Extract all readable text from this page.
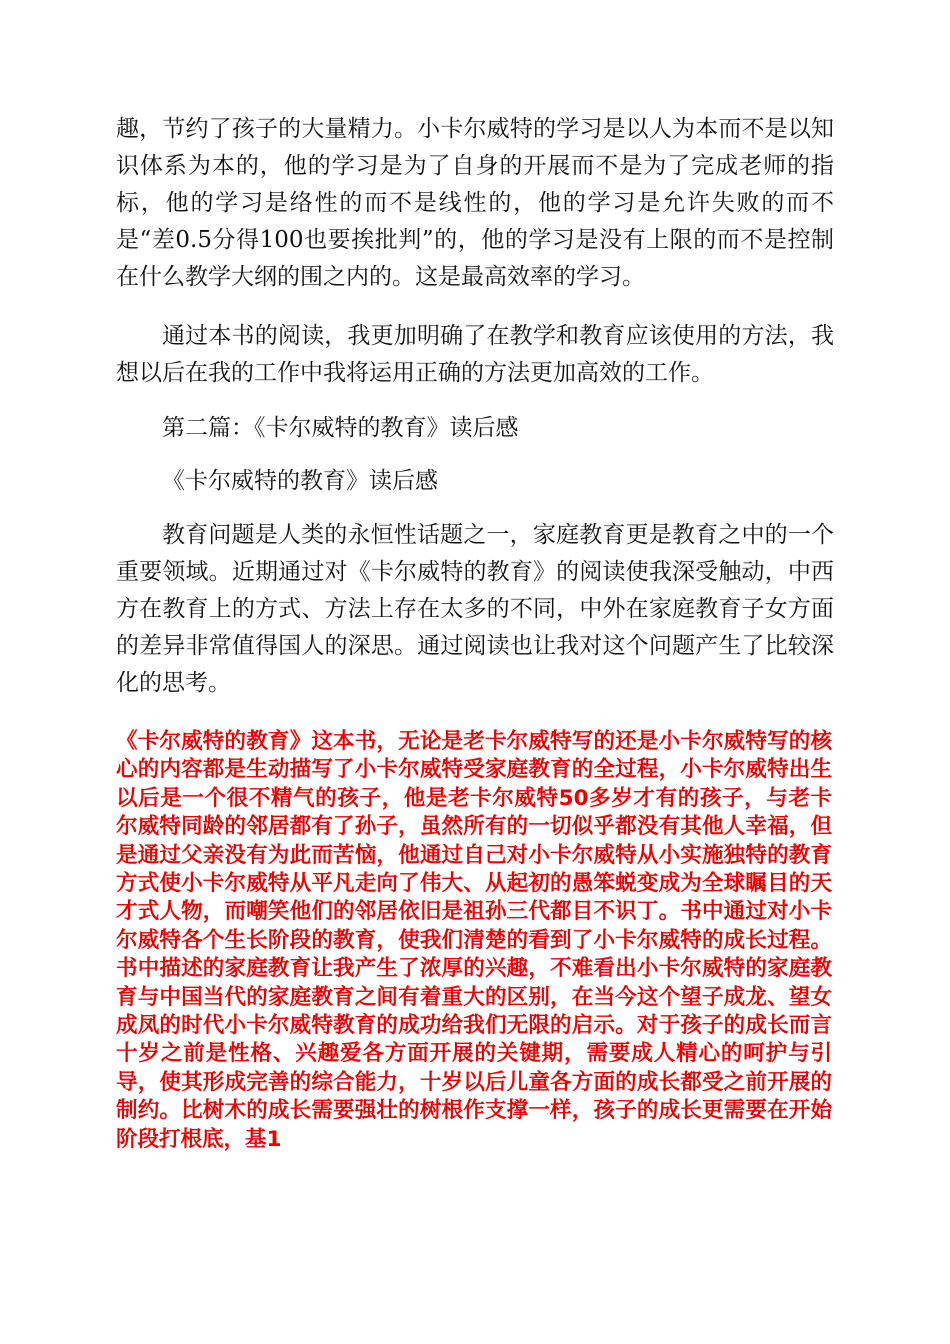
趣，节约了孩子的大量精力。小卡尔威特的学习是以人为本而不是以知识体系为本的，他的学习是为了自身的开展而不是为了完成老师的指标，他的学习是络性的而不是线性的，他的学习是允许失败的而不是“差0.5分得100也要挨批判”的，他的学习是没有上限的而不是控制在什么教学大纲的围之内的。这是最高效率的学习。

通过本书的阅读，我更加明确了在教学和教育应该使用的方法，我想以后在我的工作中我将运用正确的方法更加高效的工作。

第二篇：《卡尔威特的教育》读后感

《卡尔威特的教育》读后感

教育问题是人类的永恒性话题之一，家庭教育更是教育之中的一个重要领域。近期通过对《卡尔威特的教育》的阅读使我深受触动，中西方在教育上的方式、方法上存在太多的不同，中外在家庭教育子女方面的差异非常值得国人的深思。通过阅读也让我对这个问题产生了比较深化的思考。

《卡尔威特的教育》这本书，无论是老卡尔威特写的还是小卡尔威特写的核心的内容都是生动描写了小卡尔威特受家庭教育的全过程，小卡尔威特出生以后是一个很不精气的孩子，他是老卡尔威特50多岁才有的孩子，与老卡尔威特同龄的邻居都有了孙子，虽然所有的一切似乎都没有其他人幸福，但是通过父亲没有为此而苦恼，他通过自己对小卡尔威特从小实施独特的教育方式使小卡尔威特从平凡走向了伟大、从起初的愚笨蜕变成为全球瞩目的天才式人物，而嘲笑他们的邻居依旧是祖孙三代都目不识丁。书中通过对小卡尔威特各个生长阶段的教育，使我们清楚的看到了小卡尔威特的成长过程。书中描述的家庭教育让我产生了浓厚的兴趣，不难看出小卡尔威特的家庭教育与中国当代的家庭教育之间有着重大的区别，在当今这个望子成龙、望女成凤的时代小卡尔威特教育的成功给我们无限的启示。对于孩子的成长而言十岁之前是性格、兴趣爱各方面开展的关键期，需要成人精心的呵护与引导，使其形成完善的综合能力，十岁以后儿童各方面的成长都受之前开展的制约。比树木的成长需要强壮的树根作支撑一样，孩子的成长更需要在开始阶段打根底，基1
